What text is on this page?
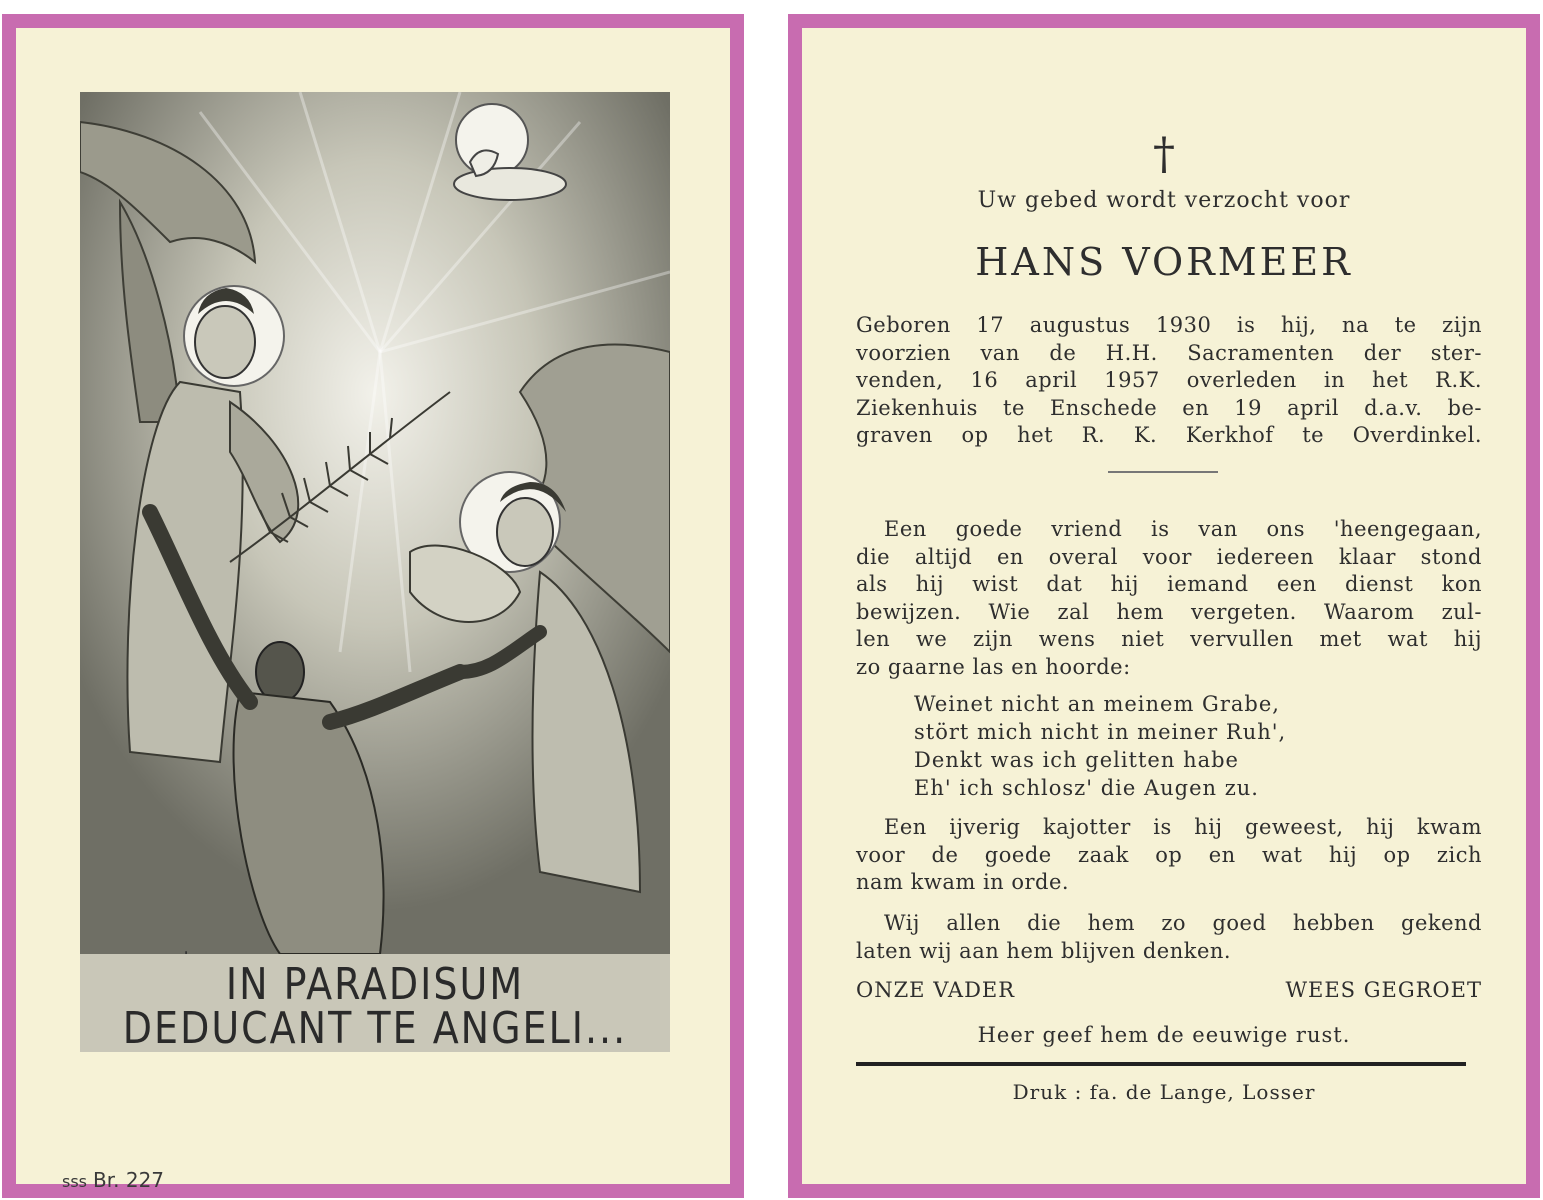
IN PARADISUM
DEDUCANT TE ANGELI...
sss Br. 227
†
Uw gebed wordt verzocht voor
HANS VORMEER
Geboren 17 augustus 1930 is hij, na te zijn
voorzien van de H.H. Sacramenten der ster-
venden, 16 april 1957 overleden in het R.K.
Ziekenhuis te Enschede en 19 april d.a.v. be-
graven op het R. K. Kerkhof te Overdinkel.
Een goede vriend is van ons 'heengegaan,
die altijd en overal voor iedereen klaar stond
als hij wist dat hij iemand een dienst kon
bewijzen. Wie zal hem vergeten. Waarom zul-
len we zijn wens niet vervullen met wat hij
zo gaarne las en hoorde:
Weinet nicht an meinem Grabe,
stört mich nicht in meiner Ruh',
Denkt was ich gelitten habe
Eh' ich schlosz' die Augen zu.
Een ijverig kajotter is hij geweest, hij kwam
voor de goede zaak op en wat hij op zich
nam kwam in orde.
Wij allen die hem zo goed hebben gekend
laten wij aan hem blijven denken.
ONZE VADER	WEES GEGROET
Heer geef hem de eeuwige rust.
Druk : fa. de Lange, Losser
